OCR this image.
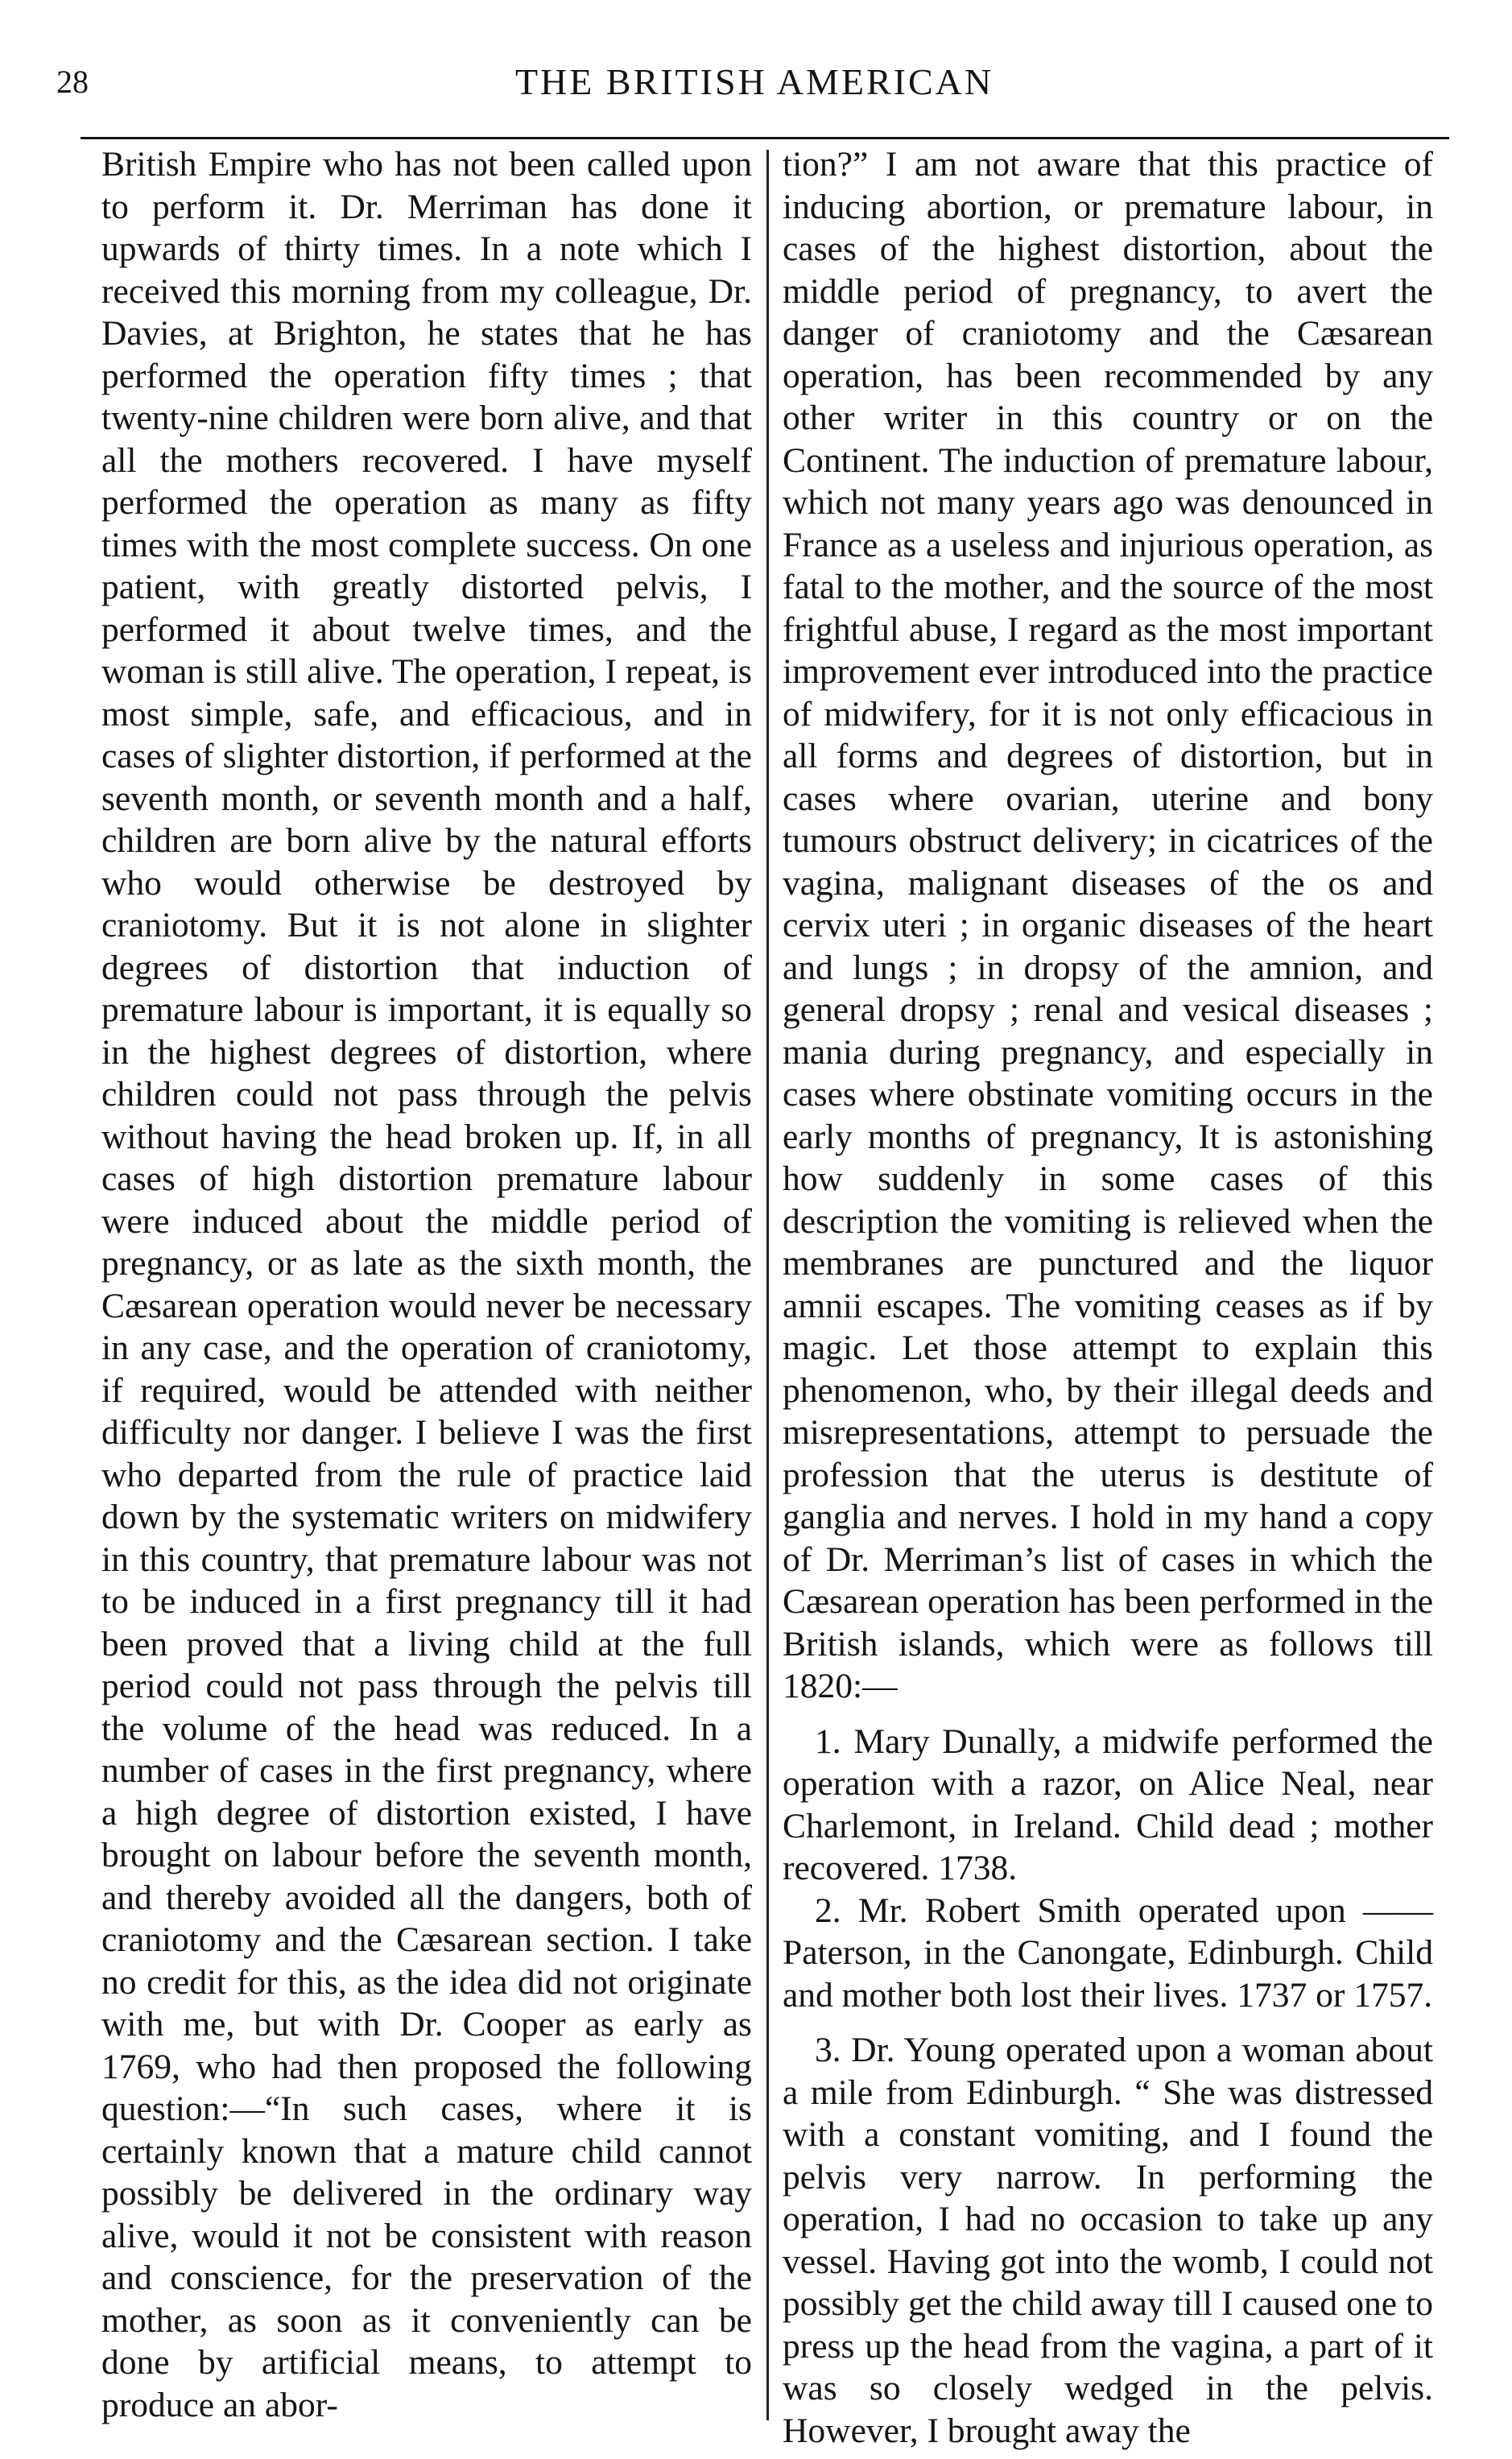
28	THE BRITISH AMERICAN

British Empire who has not been called upon to perform it. Dr. Merriman has done it upwards of thirty times. In a note which I received this morning from my colleague, Dr. Davies, at Brighton, he states that he has performed the operation fifty times ; that twenty-nine children were born alive, and that all the mothers recovered. I have myself performed the operation as many as fifty times with the most complete success. On one patient, with greatly distorted pelvis, I performed it about twelve times, and the woman is still alive. The operation, I repeat, is most simple, safe, and efficacious, and in cases of slighter distortion, if performed at the seventh month, or seventh month and a half, children are born alive by the natural efforts who would otherwise be destroyed by craniotomy. But it is not alone in slighter degrees of distortion that induction of premature labour is important, it is equally so in the highest degrees of distortion, where children could not pass through the pelvis without having the head broken up. If, in all cases of high distortion premature labour were induced about the middle period of pregnancy, or as late as the sixth month, the Cæsarean operation would never be necessary in any case, and the operation of craniotomy, if required, would be attended with neither difficulty nor danger. I believe I was the first who departed from the rule of practice laid down by the systematic writers on midwifery in this country, that premature labour was not to be induced in a first pregnancy till it had been proved that a living child at the full period could not pass through the pelvis till the volume of the head was reduced. In a number of cases in the first pregnancy, where a high degree of distortion existed, I have brought on labour before the seventh month, and thereby avoided all the dangers, both of craniotomy and the Cæsarean section. I take no credit for this, as the idea did not originate with me, but with Dr. Cooper as early as 1769, who had then proposed the following question:—“In such cases, where it is certainly known that a mature child cannot possibly be delivered in the ordinary way alive, would it not be consistent with reason and conscience, for the preservation of the mother, as soon as it conveniently can be done by artificial means, to attempt to produce an abor-

tion?” I am not aware that this practice of inducing abortion, or premature labour, in cases of the highest distortion, about the middle period of pregnancy, to avert the danger of craniotomy and the Cæsarean operation, has been recommended by any other writer in this country or on the Continent. The induction of premature labour, which not many years ago was denounced in France as a useless and injurious operation, as fatal to the mother, and the source of the most frightful abuse, I regard as the most important improvement ever introduced into the practice of midwifery, for it is not only efficacious in all forms and degrees of distortion, but in cases where ovarian, uterine and bony tumours obstruct delivery; in cicatrices of the vagina, malignant diseases of the os and cervix uteri ; in organic diseases of the heart and lungs ; in dropsy of the amnion, and general dropsy ; renal and vesical diseases ; mania during pregnancy, and especially in cases where obstinate vomiting occurs in the early months of pregnancy, It is astonishing how suddenly in some cases of this description the vomiting is relieved when the membranes are punctured and the liquor amnii escapes. The vomiting ceases as if by magic. Let those attempt to explain this phenomenon, who, by their illegal deeds and misrepresentations, attempt to persuade the profession that the uterus is destitute of ganglia and nerves. I hold in my hand a copy of Dr. Merriman’s list of cases in which the Cæsarean operation has been performed in the British islands, which were as follows till 1820:—

1. Mary Dunally, a midwife performed the operation with a razor, on Alice Neal, near Charlemont, in Ireland. Child dead ; mother recovered. 1738.

2. Mr. Robert Smith operated upon ——Paterson, in the Canongate, Edinburgh. Child and mother both lost their lives. 1737 or 1757.

3. Dr. Young operated upon a woman about a mile from Edinburgh. “ She was distressed with a constant vomiting, and I found the pelvis very narrow. In performing the operation, I had no occasion to take up any vessel. Having got into the womb, I could not possibly get the child away till I caused one to press up the head from the vagina, a part of it was so closely wedged in the pelvis. However, I brought away the
